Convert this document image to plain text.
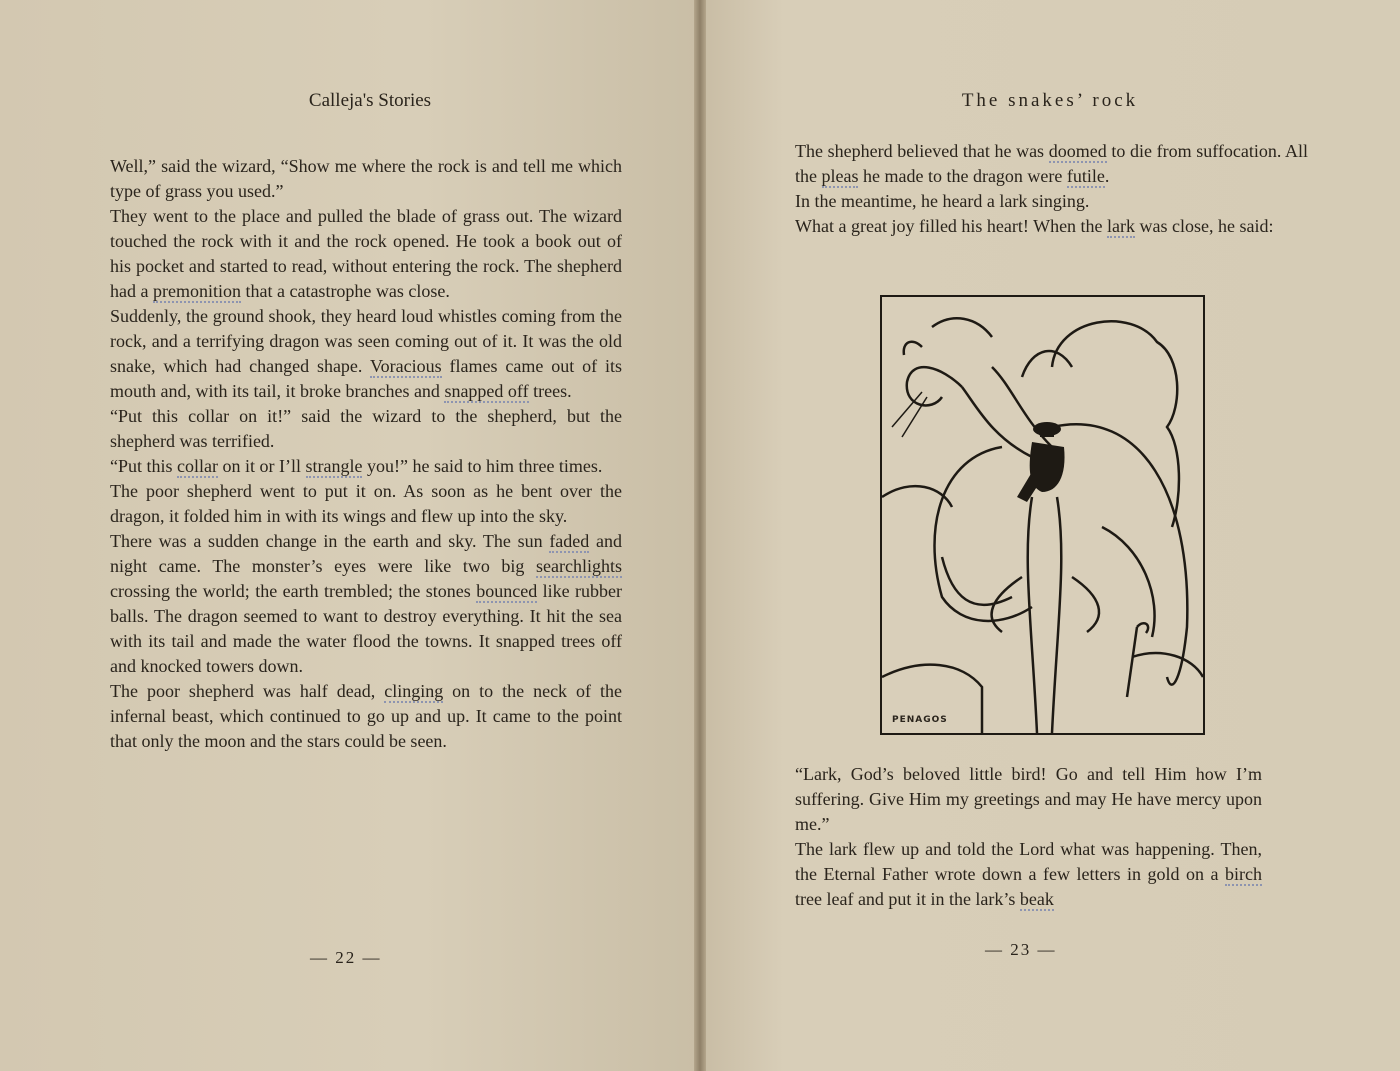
Calleja's Stories

Well,” said the wizard, “Show me where the rock is and tell me which type of grass you used.”

They went to the place and pulled the blade of grass out. The wizard touched the rock with it and the rock opened. He took a book out of his pocket and started to read, without entering the rock. The shepherd had a premonition that a catastrophe was close.

Suddenly, the ground shook, they heard loud whistles coming from the rock, and a terrifying dragon was seen coming out of it. It was the old snake, which had changed shape. Voracious flames came out of its mouth and, with its tail, it broke branches and snapped off trees.

“Put this collar on it!” said the wizard to the shepherd, but the shepherd was terrified.

“Put this collar on it or I’ll strangle you!” he said to him three times.

The poor shepherd went to put it on. As soon as he bent over the dragon, it folded him in with its wings and flew up into the sky.

There was a sudden change in the earth and sky. The sun faded and night came. The monster’s eyes were like two big searchlights crossing the world; the earth trembled; the stones bounced like rubber balls. The dragon seemed to want to destroy everything. It hit the sea with its tail and made the water flood the towns. It snapped trees off and knocked towers down.

The poor shepherd was half dead, clinging on to the neck of the infernal beast, which continued to go up and up. It came to the point that only the moon and the stars could be seen.

— 22 —
The snakes’ rock

The shepherd believed that he was doomed to die from suffocation. All the pleas he made to the dragon were futile.

In the meantime, he heard a lark singing.

What a great joy filled his heart! When the lark was close, he said:

PENAGOS

“Lark, God’s beloved little bird! Go and tell Him how I’m suffering. Give Him my greetings and may He have mercy upon me.”

The lark flew up and told the Lord what was happening. Then, the Eternal Father wrote down a few letters in gold on a birch tree leaf and put it in the lark’s beak

— 23 —
